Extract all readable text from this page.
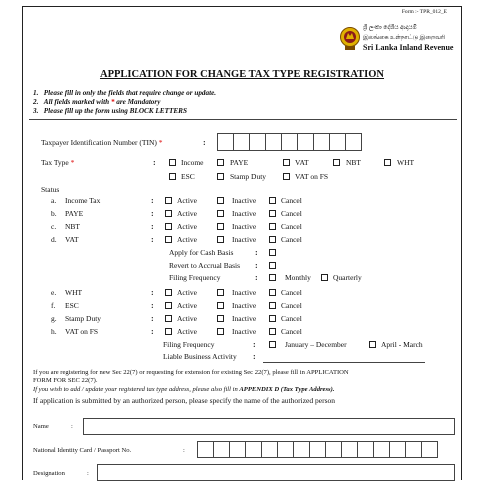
Form :- TPR_012_E
ශ්‍රී ලංකා දේශීය ආදායම්
இலங்கை உள்நாட்டு இறைவரி
Sri Lanka Inland Revenue
APPLICATION FOR CHANGE TAX TYPE REGISTRATION
1. Please fill in only the fields that require change or update.
2. All fields marked with * are Mandatory
3. Please fill up the form using BLOCK LETTERS
Taxpayer Identification Number (TIN) *	:
Tax Type *	:	Income	PAYE	VAT	NBT	WHT
ESC	Stamp Duty	VAT on FS
Status
a. Income Tax	:	Active	Inactive	Cancel
b. PAYE	:	Active	Inactive	Cancel
c. NBT	:	Active	Inactive	Cancel
d. VAT	:	Active	Inactive	Cancel
Apply for Cash Basis	:
Revert to Accrual Basis :
Filing Frequency	:	Monthly	Quarterly
e. WHT	:	Active	Inactive	Cancel
f. ESC	:	Active	Inactive	Cancel
g. Stamp Duty	:	Active	Inactive	Cancel
h. VAT on FS	:	Active	Inactive	Cancel
Filing Frequency	:	January – December	April - March
Liable Business Activity :
If you are registering for new Sec 22(7) or requesting for extension for existing Sec 22(7), please fill in APPLICATION
FORM FOR SEC 22(7).
If you wish to add / update your registered tax type address, please also fill in APPENDIX D (Tax Type Address).
If application is submitted by an authorized person, please specify the name of the authorized person
Name	:
National Identity Card / Passport No.	:
Designation	:
